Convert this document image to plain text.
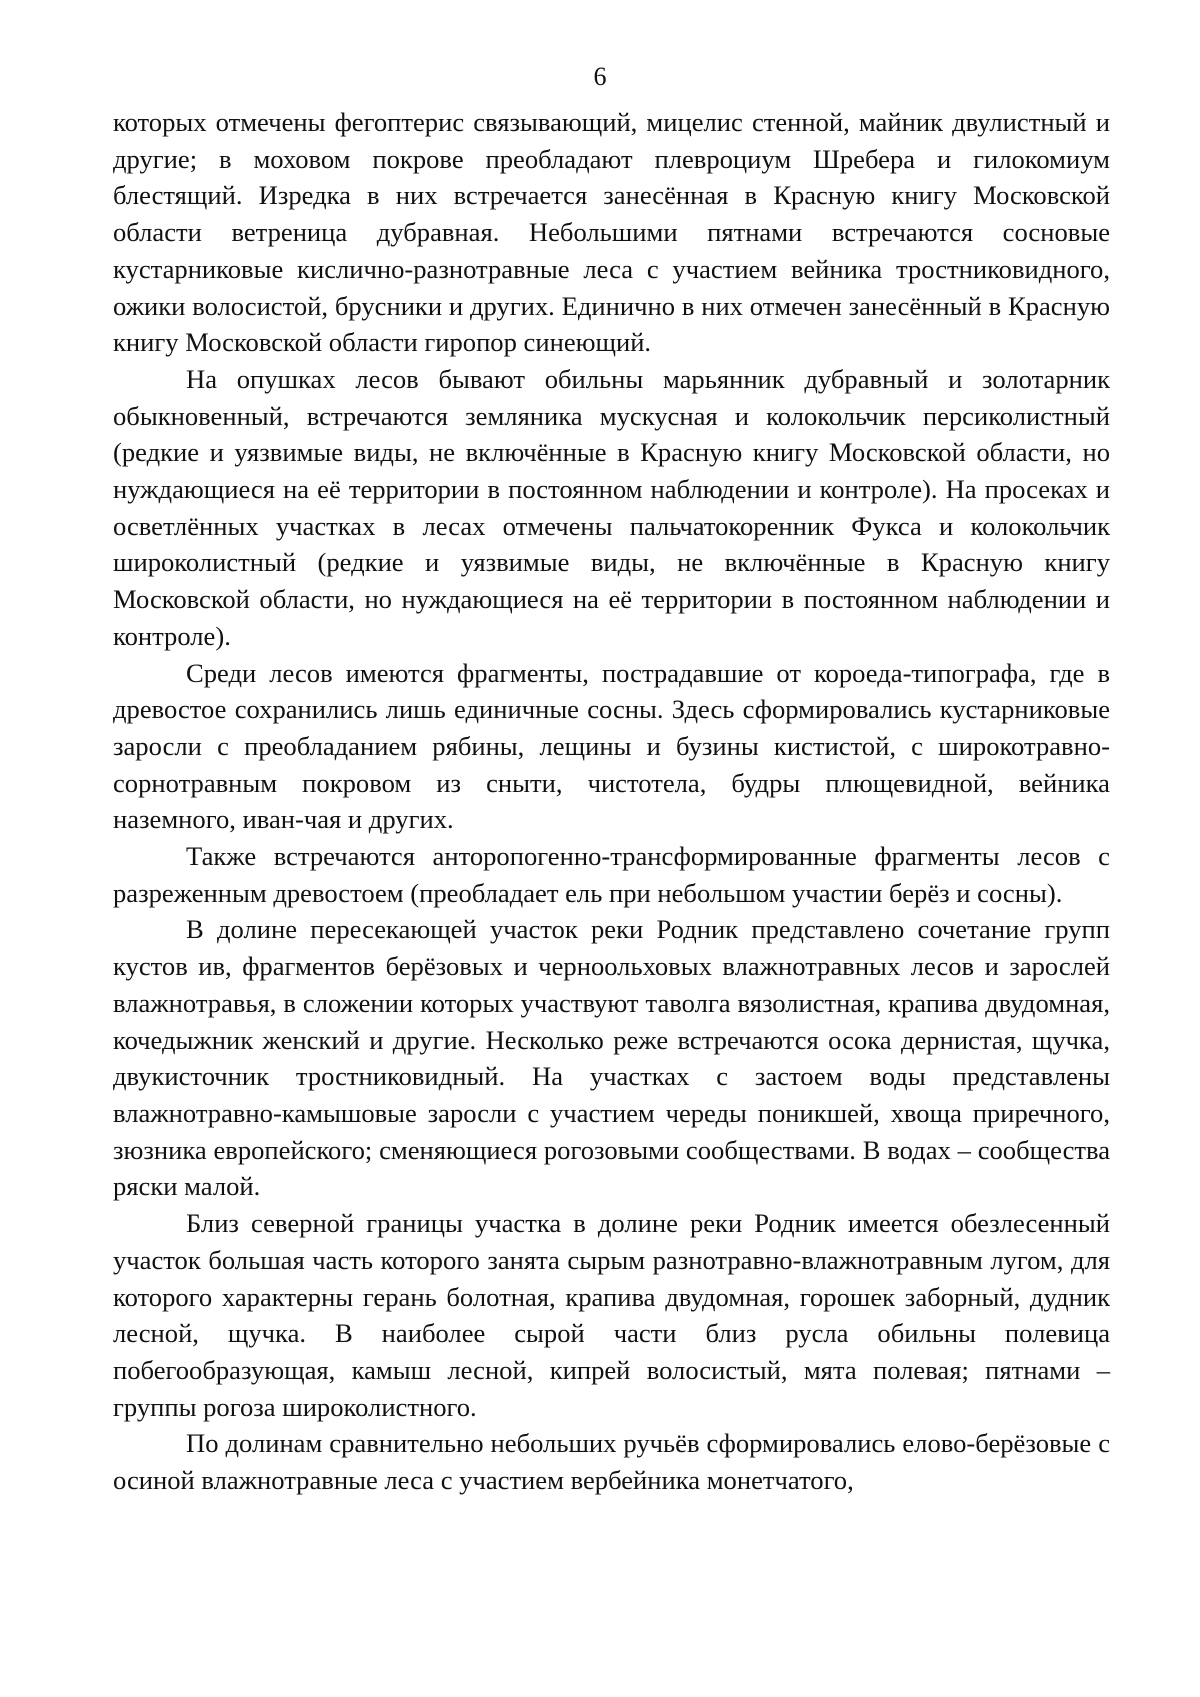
6

которых отмечены фегоптерис связывающий, мицелис стенной, майник двулистный и другие; в моховом покрове преобладают плевроциум Шребера и гилокомиум блестящий. Изредка в них встречается занесённая в Красную книгу Московской области ветреница дубравная. Небольшими пятнами встречаются сосновые кустарниковые кислично-разнотравные леса с участием вейника тростниковидного, ожики волосистой, брусники и других. Единично в них отмечен занесённый в Красную книгу Московской области гиропор синеющий.

На опушках лесов бывают обильны марьянник дубравный и золотарник обыкновенный, встречаются земляника мускусная и колокольчик персиколистный (редкие и уязвимые виды, не включённые в Красную книгу Московской области, но нуждающиеся на её территории в постоянном наблюдении и контроле). На просеках и осветлённых участках в лесах отмечены пальчатокоренник Фукса и колокольчик широколистный (редкие и уязвимые виды, не включённые в Красную книгу Московской области, но нуждающиеся на её территории в постоянном наблюдении и контроле).

Среди лесов имеются фрагменты, пострадавшие от короеда-типографа, где в древостое сохранились лишь единичные сосны. Здесь сформировались кустарниковые заросли с преобладанием рябины, лещины и бузины кистистой, с широкотравно-сорнотравным покровом из сныти, чистотела, будры плющевидной, вейника наземного, иван-чая и других.

Также встречаются анторопогенно-трансформированные фрагменты лесов с разреженным древостоем (преобладает ель при небольшом участии берёз и сосны).

В долине пересекающей участок реки Родник представлено сочетание групп кустов ив, фрагментов берёзовых и черноольховых влажнотравных лесов и зарослей влажнотравья, в сложении которых участвуют таволга вязолистная, крапива двудомная, кочедыжник женский и другие. Несколько реже встречаются осока дернистая, щучка, двукисточник тростниковидный. На участках с застоем воды представлены влажнотравно-камышовые заросли с участием череды поникшей, хвоща приречного, зюзника европейского; сменяющиеся рогозовыми сообществами. В водах – сообщества ряски малой.

Близ северной границы участка в долине реки Родник имеется обезлесенный участок большая часть которого занята сырым разнотравно-влажнотравным лугом, для которого характерны герань болотная, крапива двудомная, горошек заборный, дудник лесной, щучка. В наиболее сырой части близ русла обильны полевица побегообразующая, камыш лесной, кипрей волосистый, мята полевая; пятнами – группы рогоза широколистного.

По долинам сравнительно небольших ручьёв сформировались елово-берёзовые с осиной влажнотравные леса с участием вербейника монетчатого,
